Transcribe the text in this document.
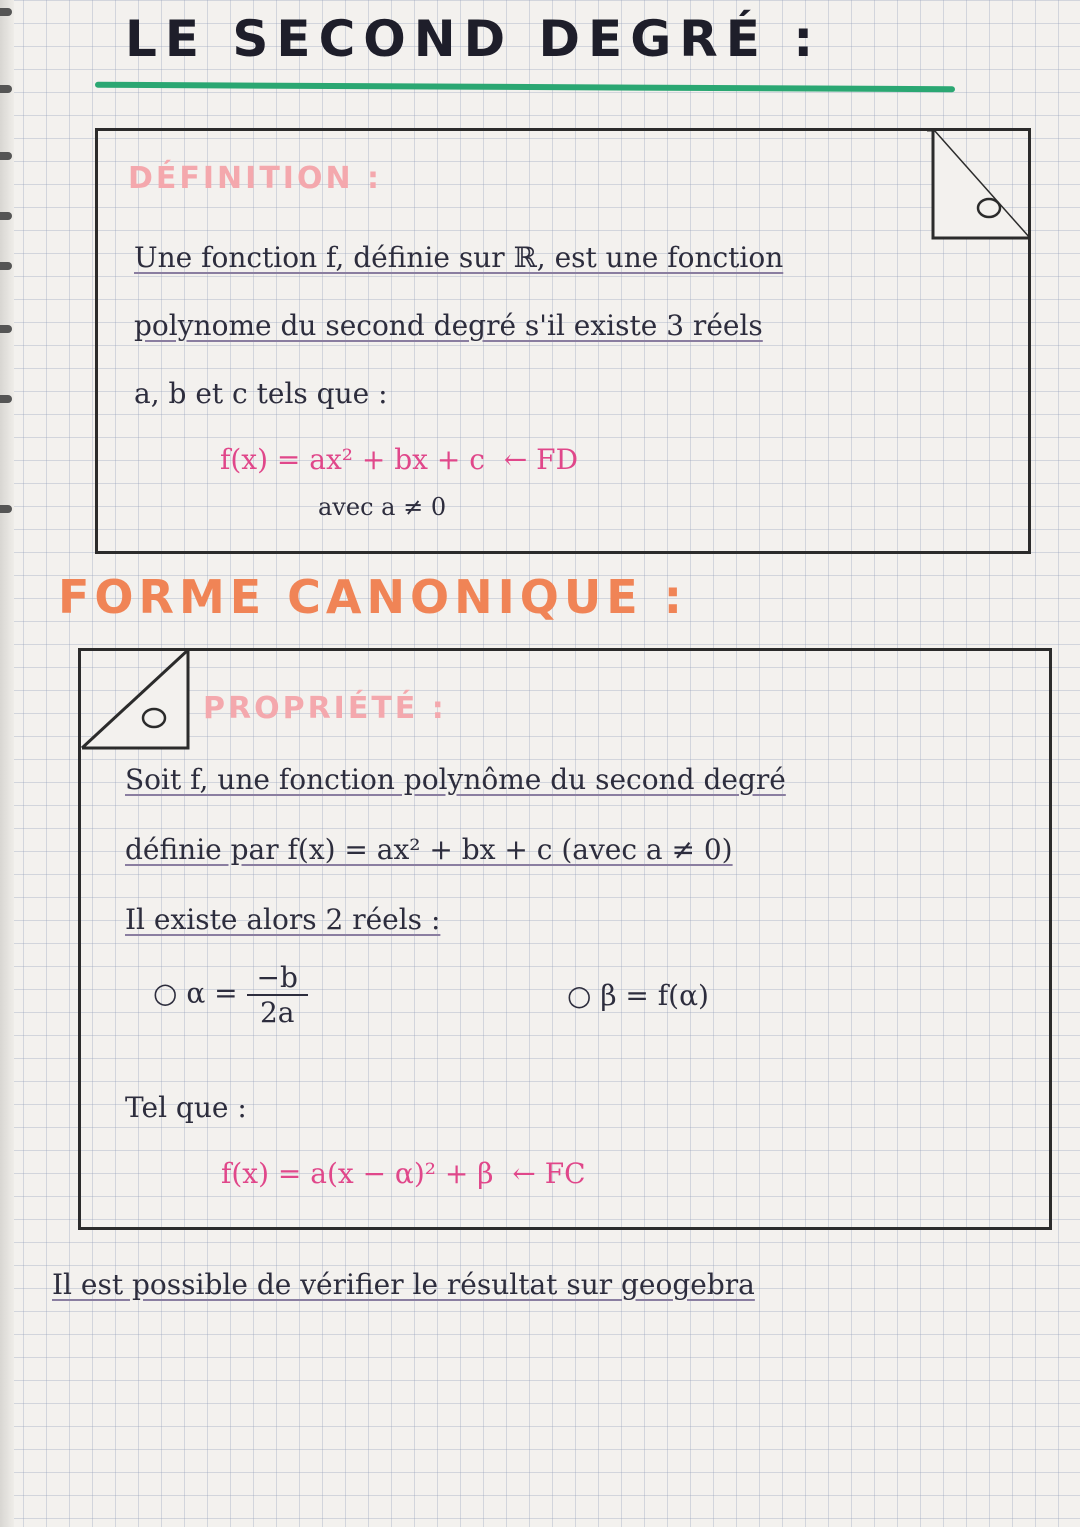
LE SECOND DEGRÉ :
DÉFINITION :
Une fonction f, définie sur ℝ, est une fonction
polynome du second degré s'il existe 3 réels
a, b et c tels que :
f(x) = ax² + bx + c ← FD
avec a ≠ 0
FORME CANONIQUE :
PROPRIÉTÉ :
Soit f, une fonction polynôme du second degré
définie par f(x) = ax² + bx + c (avec a ≠ 0)
Il existe alors 2 réels :
○ $\alpha = \frac{-b}{2a}$	○ β = f(α)
Tel que :
f(x) = a(x − α)² + β ← FC
Il est possible de vérifier le résultat sur geogebra
